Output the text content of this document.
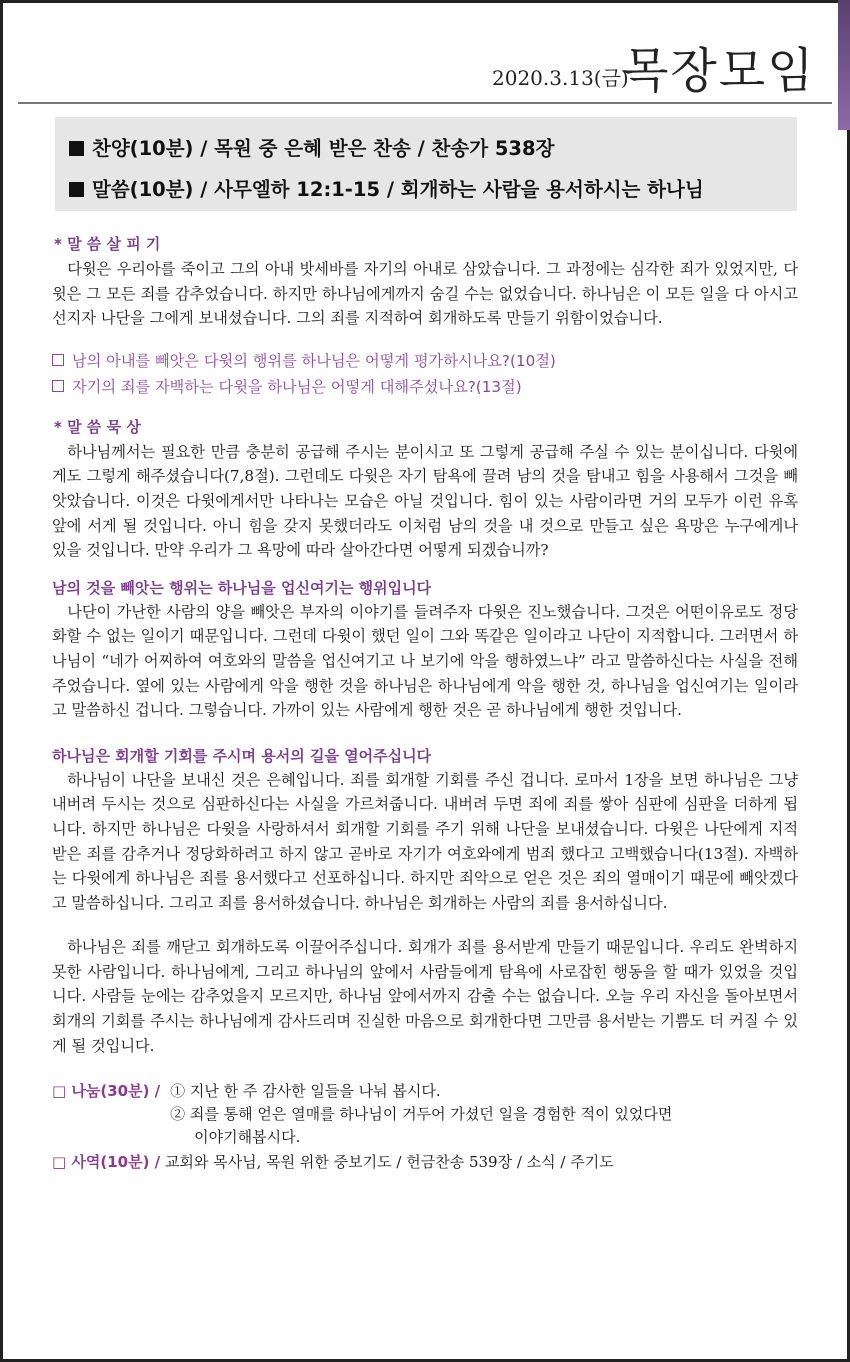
2020.3.13(금)
목장모임
찬양(10분) / 목원 중 은혜 받은 찬송 / 찬송가 538장
말씀(10분) / 사무엘하 12:1-15 / 회개하는 사람을 용서하시는 하나님
* 말 씀 살 피 기

다윗은 우리아를 죽이고 그의 아내 밧세바를 자기의 아내로 삼았습니다. 그 과정에는 심각한 죄가 있었지만, 다윗은 그 모든 죄를 감추었습니다. 하지만 하나님에게까지 숨길 수는 없었습니다. 하나님은 이 모든 일을 다 아시고 선지자 나단을 그에게 보내셨습니다. 그의 죄를 지적하여 회개하도록 만들기 위함이었습니다.

남의 아내를 빼앗은 다윗의 행위를 하나님은 어떻게 평가하시나요?(10절)

자기의 죄를 자백하는 다윗을 하나님은 어떻게 대해주셨나요?(13절)

* 말 씀 묵 상

하나님께서는 필요한 만큼 충분히 공급해 주시는 분이시고 또 그렇게 공급해 주실 수 있는 분이십니다. 다윗에게도 그렇게 해주셨습니다(7,8절). 그런데도 다윗은 자기 탐욕에 끌려 남의 것을 탐내고 힘을 사용해서 그것을 빼앗았습니다. 이것은 다윗에게서만 나타나는 모습은 아닐 것입니다. 힘이 있는 사람이라면 거의 모두가 이런 유혹 앞에 서게 될 것입니다. 아니 힘을 갖지 못했더라도 이처럼 남의 것을 내 것으로 만들고 싶은 욕망은 누구에게나 있을 것입니다. 만약 우리가 그 욕망에 따라 살아간다면 어떻게 되겠습니까?

남의 것을 빼앗는 행위는 하나님을 업신여기는 행위입니다

나단이 가난한 사람의 양을 빼앗은 부자의 이야기를 들려주자 다윗은 진노했습니다. 그것은 어떤이유로도 정당화할 수 없는 일이기 때문입니다. 그런데 다윗이 했던 일이 그와 똑같은 일이라고 나단이 지적합니다. 그러면서 하나님이 “네가 어찌하여 여호와의 말씀을 업신여기고 나 보기에 악을 행하였느냐” 라고 말씀하신다는 사실을 전해주었습니다. 옆에 있는 사람에게 악을 행한 것을 하나님은 하나님에게 악을 행한 것, 하나님을 업신여기는 일이라고 말씀하신 겁니다. 그렇습니다. 가까이 있는 사람에게 행한 것은 곧 하나님에게 행한 것입니다.

하나님은 회개할 기회를 주시며 용서의 길을 열어주십니다

하나님이 나단을 보내신 것은 은혜입니다. 죄를 회개할 기회를 주신 겁니다. 로마서 1장을 보면 하나님은 그냥 내버려 두시는 것으로 심판하신다는 사실을 가르쳐줍니다. 내버려 두면 죄에 죄를 쌓아 심판에 심판을 더하게 됩니다. 하지만 하나님은 다윗을 사랑하셔서 회개할 기회를 주기 위해 나단을 보내셨습니다. 다윗은 나단에게 지적받은 죄를 감추거나 정당화하려고 하지 않고 곧바로 자기가 여호와에게 범죄 했다고 고백했습니다(13절). 자백하는 다윗에게 하나님은 죄를 용서했다고 선포하십니다. 하지만 죄악으로 얻은 것은 죄의 열매이기 때문에 빼앗겠다고 말씀하십니다. 그리고 죄를 용서하셨습니다. 하나님은 회개하는 사람의 죄를 용서하십니다.

하나님은 죄를 깨닫고 회개하도록 이끌어주십니다. 회개가 죄를 용서받게 만들기 때문입니다. 우리도 완벽하지 못한 사람입니다. 하나님에게, 그리고 하나님의 앞에서 사람들에게 탐욕에 사로잡힌 행동을 할 때가 있었을 것입니다. 사람들 눈에는 감추었을지 모르지만, 하나님 앞에서까지 감출 수는 없습니다. 오늘 우리 자신을 돌아보면서 회개의 기회를 주시는 하나님에게 감사드리며 진실한 마음으로 회개한다면 그만큼 용서받는 기쁨도 더 커질 수 있게 될 것입니다.

□ 나눔(30분) / ① 지난 한 주 감사한 일들을 나눠 봅시다.
② 죄를 통해 얻은 열매를 하나님이 거두어 가셨던 일을 경험한 적이 있었다면
이야기해봅시다.
□ 사역(10분) / 교회와 목사님, 목원 위한 중보기도 / 헌금찬송 539장 / 소식 / 주기도
